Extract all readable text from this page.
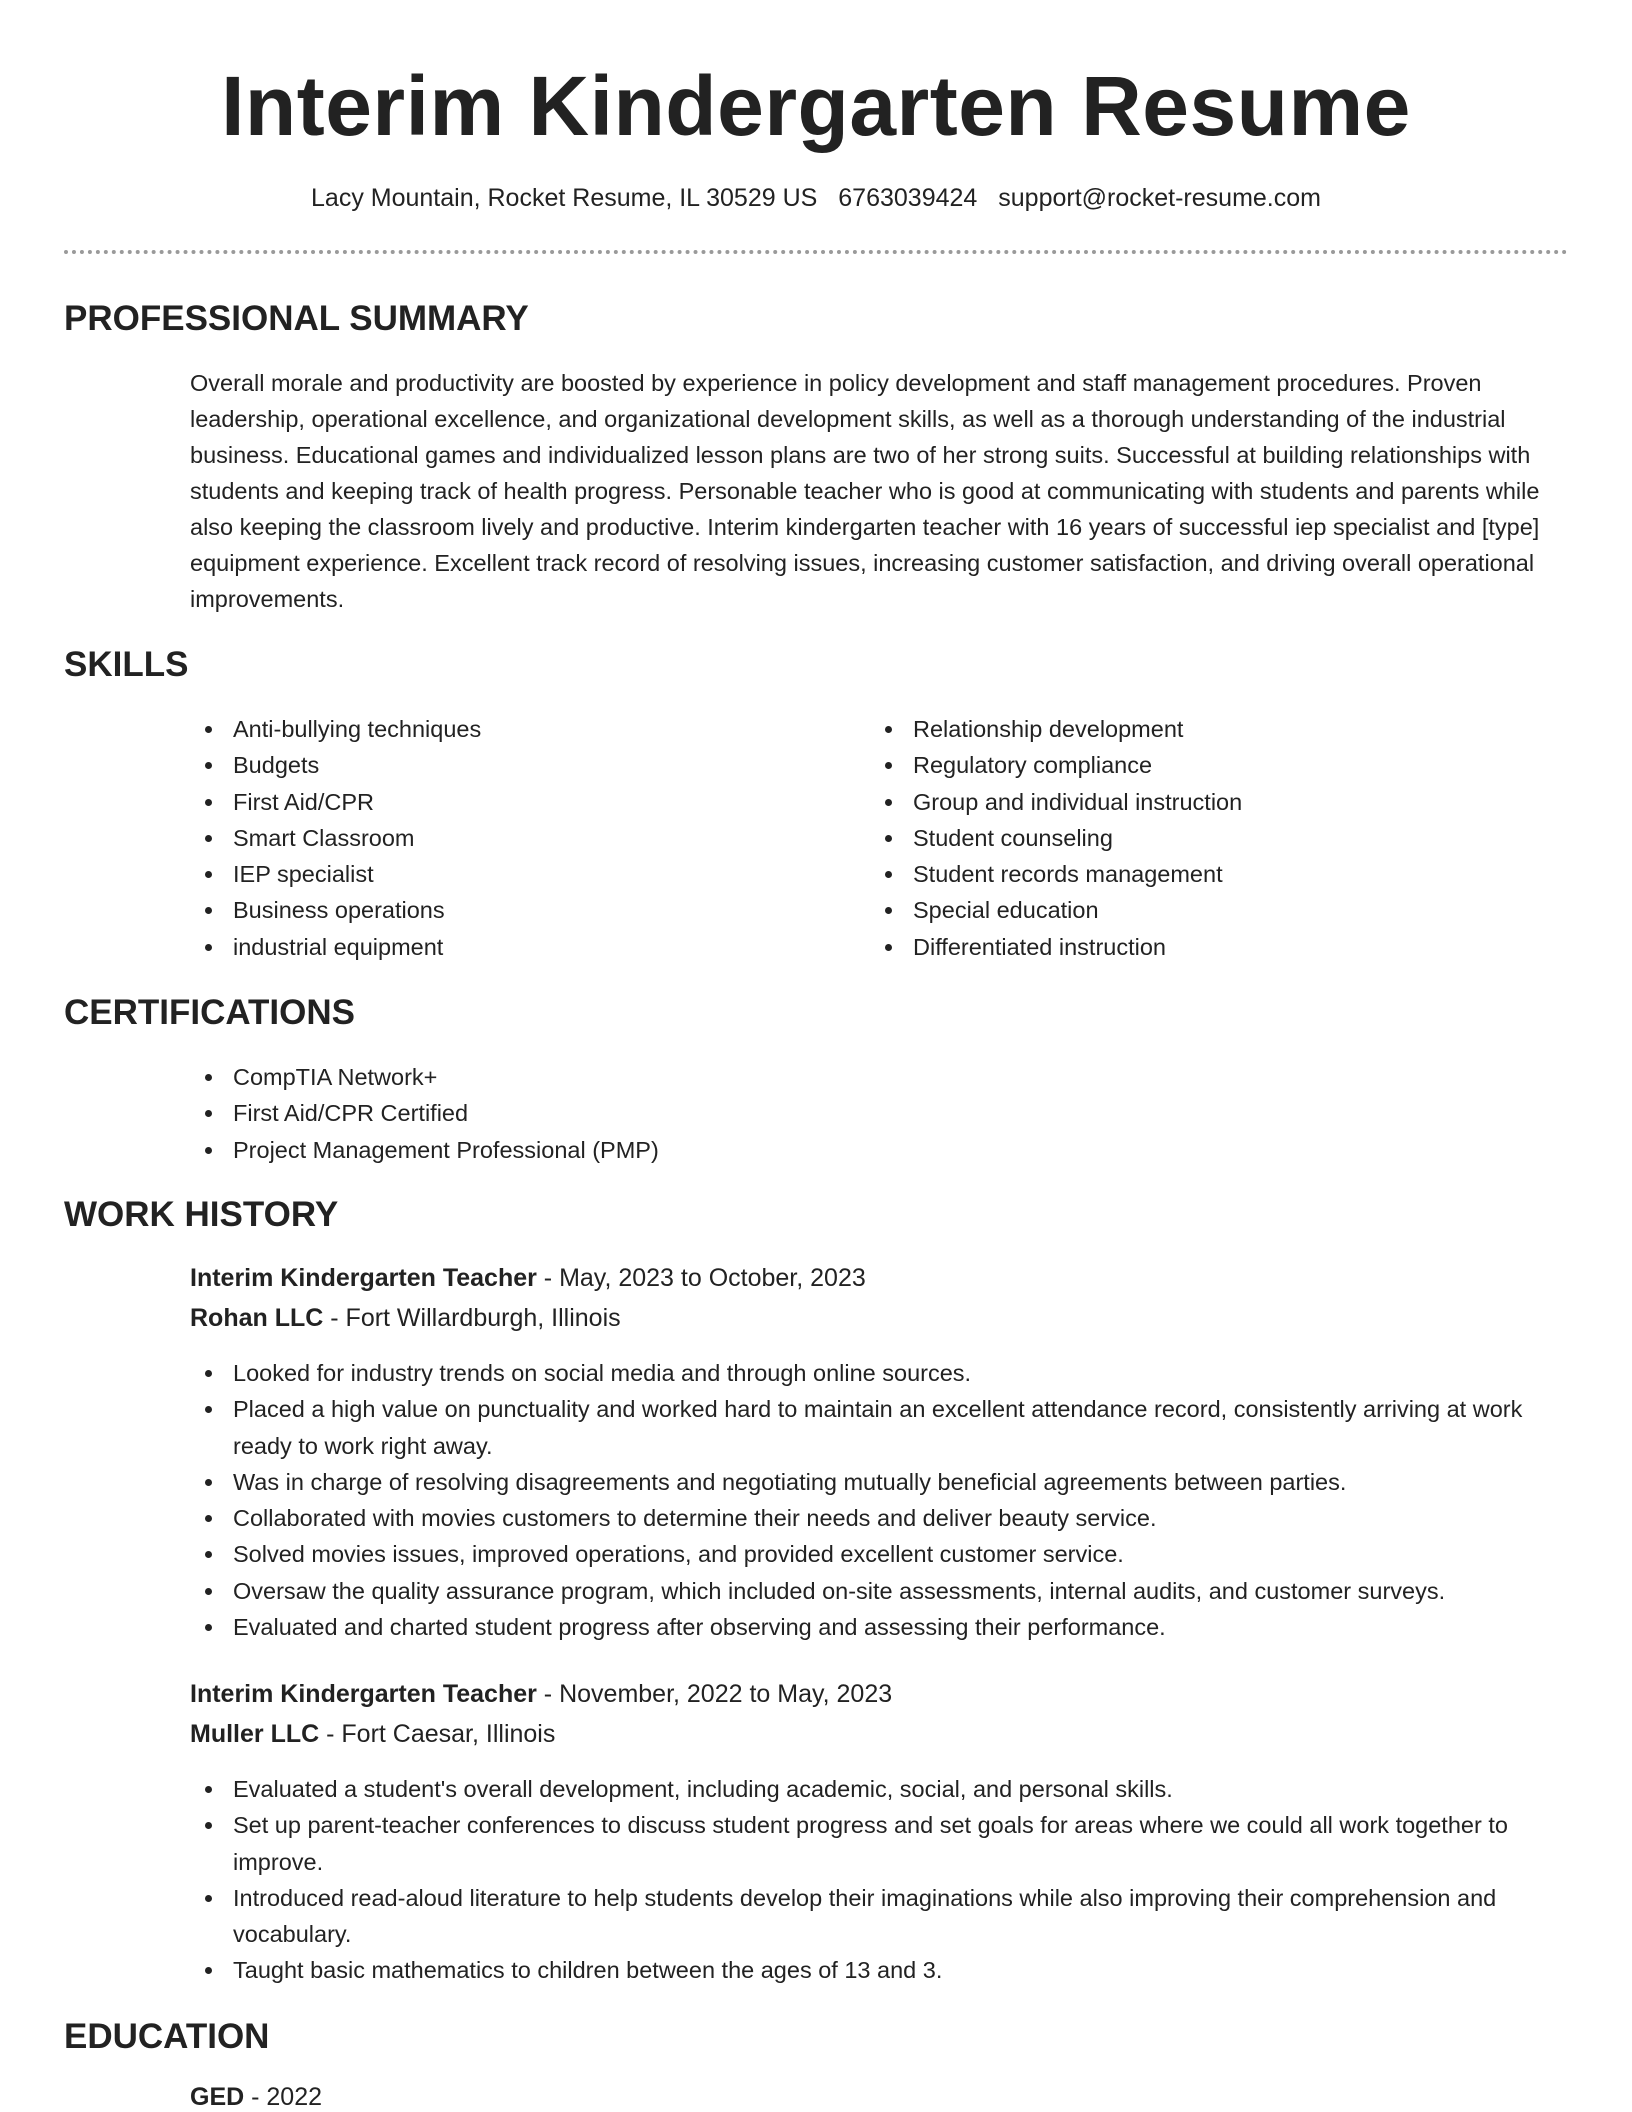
Interim Kindergarten Resume
Lacy Mountain, Rocket Resume, IL 30529 US 6763039424 support@rocket-resume.com
PROFESSIONAL SUMMARY
Overall morale and productivity are boosted by experience in policy development and staff management procedures. Proven leadership, operational excellence, and organizational development skills, as well as a thorough understanding of the industrial business. Educational games and individualized lesson plans are two of her strong suits. Successful at building relationships with students and keeping track of health progress. Personable teacher who is good at communicating with students and parents while also keeping the classroom lively and productive. Interim kindergarten teacher with 16 years of successful iep specialist and [type] equipment experience. Excellent track record of resolving issues, increasing customer satisfaction, and driving overall operational improvements.
SKILLS
Anti-bullying techniques
Budgets
First Aid/CPR
Smart Classroom
IEP specialist
Business operations
industrial equipment
Relationship development
Regulatory compliance
Group and individual instruction
Student counseling
Student records management
Special education
Differentiated instruction
CERTIFICATIONS
CompTIA Network+
First Aid/CPR Certified
Project Management Professional (PMP)
WORK HISTORY
Interim Kindergarten Teacher - May, 2023 to October, 2023
Rohan LLC - Fort Willardburgh, Illinois
Looked for industry trends on social media and through online sources.
Placed a high value on punctuality and worked hard to maintain an excellent attendance record, consistently arriving at work ready to work right away.
Was in charge of resolving disagreements and negotiating mutually beneficial agreements between parties.
Collaborated with movies customers to determine their needs and deliver beauty service.
Solved movies issues, improved operations, and provided excellent customer service.
Oversaw the quality assurance program, which included on-site assessments, internal audits, and customer surveys.
Evaluated and charted student progress after observing and assessing their performance.
Interim Kindergarten Teacher - November, 2022 to May, 2023
Muller LLC - Fort Caesar, Illinois
Evaluated a student's overall development, including academic, social, and personal skills.
Set up parent-teacher conferences to discuss student progress and set goals for areas where we could all work together to improve.
Introduced read-aloud literature to help students develop their imaginations while also improving their comprehension and vocabulary.
Taught basic mathematics to children between the ages of 13 and 3.
EDUCATION
GED - 2022
